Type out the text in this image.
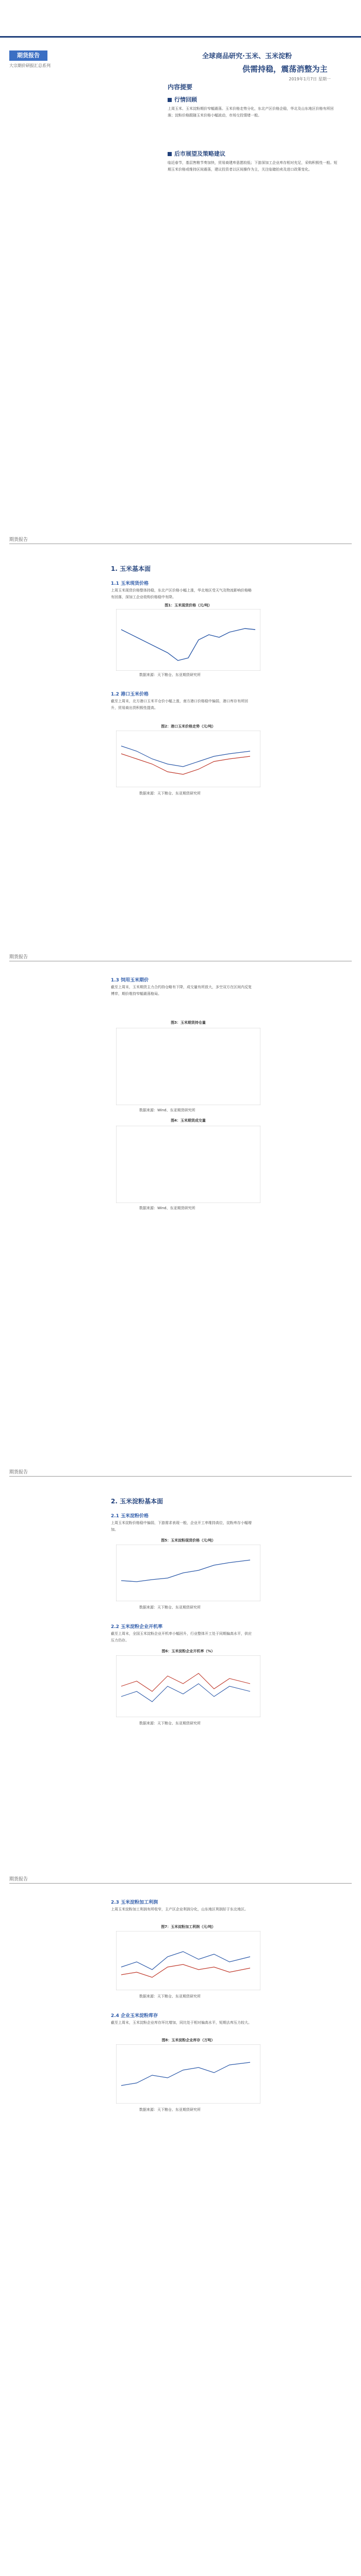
期货报告
大宗期价研报汇总系列
全球商品研究·玉米、玉米淀粉
供需持稳，震荡消整为主
2019年1月7日 星期一
内容提要
行情回顾
上周玉米、玉米淀粉期价窄幅震荡。玉米价格走势分化，东北产区价格企稳，华北及山东地区价格有所回落；淀粉价格跟随玉米价格小幅波动，市场交投情绪一般。
后市展望及策略建议
临近春节，基层售粮节奏加快，贸易商建库意愿较低；下游深加工企业库存相对充足，采购积极性一般。短期玉米价格或维持区间震荡，建议投资者以区间操作为主，关注临储拍卖及进口政策变化。
期货报告
1. 玉米基本面
1.1 玉米现货价格
上周玉米现货价格整体持稳，东北产区价格小幅上涨，华北地区受天气及物流影响价格略有回落，深加工企业收购价格稳中有降。
图1：玉米现货价格（元/吨）
数据来源：天下粮仓、东亚期货研究所
1.2 港口玉米价格
截至上周末，北方港口玉米平仓价小幅上涨，南方港口价格稳中偏弱，港口库存有所回升，贸易商出货积极性提高。
图2：港口玉米价格走势（元/吨）
数据来源：天下粮仓、东亚期货研究所
期货报告
1.3 饲用玉米期价
截至上周末，玉米期货主力合约持仓略有下降，成交量有所放大，多空双方在区间内反复博弈，期价维持窄幅震荡格局。
图3：玉米期货持仓量
数据来源：Wind、东亚期货研究所
图4：玉米期货成交量
数据来源：Wind、东亚期货研究所
期货报告
2. 玉米淀粉基本面
2.1 玉米淀粉价格
上周玉米淀粉价格稳中偏弱，下游需求表现一般，企业开工率维持高位，淀粉库存小幅增加。
图5：玉米淀粉现货价格（元/吨）
数据来源：天下粮仓、东亚期货研究所
2.2 玉米淀粉企业开机率
截至上周末，全国玉米淀粉企业开机率小幅回升，行业整体开工处于同期偏高水平，供应压力仍存。
图6：玉米淀粉企业开机率（%）
数据来源：天下粮仓、东亚期货研究所
期货报告
2.3 玉米淀粉加工利润
上周玉米淀粉加工利润有所收窄，主产区企业利润分化，山东地区利润好于东北地区。
图7：玉米淀粉加工利润（元/吨）
数据来源：天下粮仓、东亚期货研究所
2.4 企业玉米淀粉库存
截至上周末，玉米淀粉企业库存环比增加，同比处于相对偏高水平，短期去库压力较大。
图8：玉米淀粉企业库存（万吨）
数据来源：天下粮仓、东亚期货研究所
